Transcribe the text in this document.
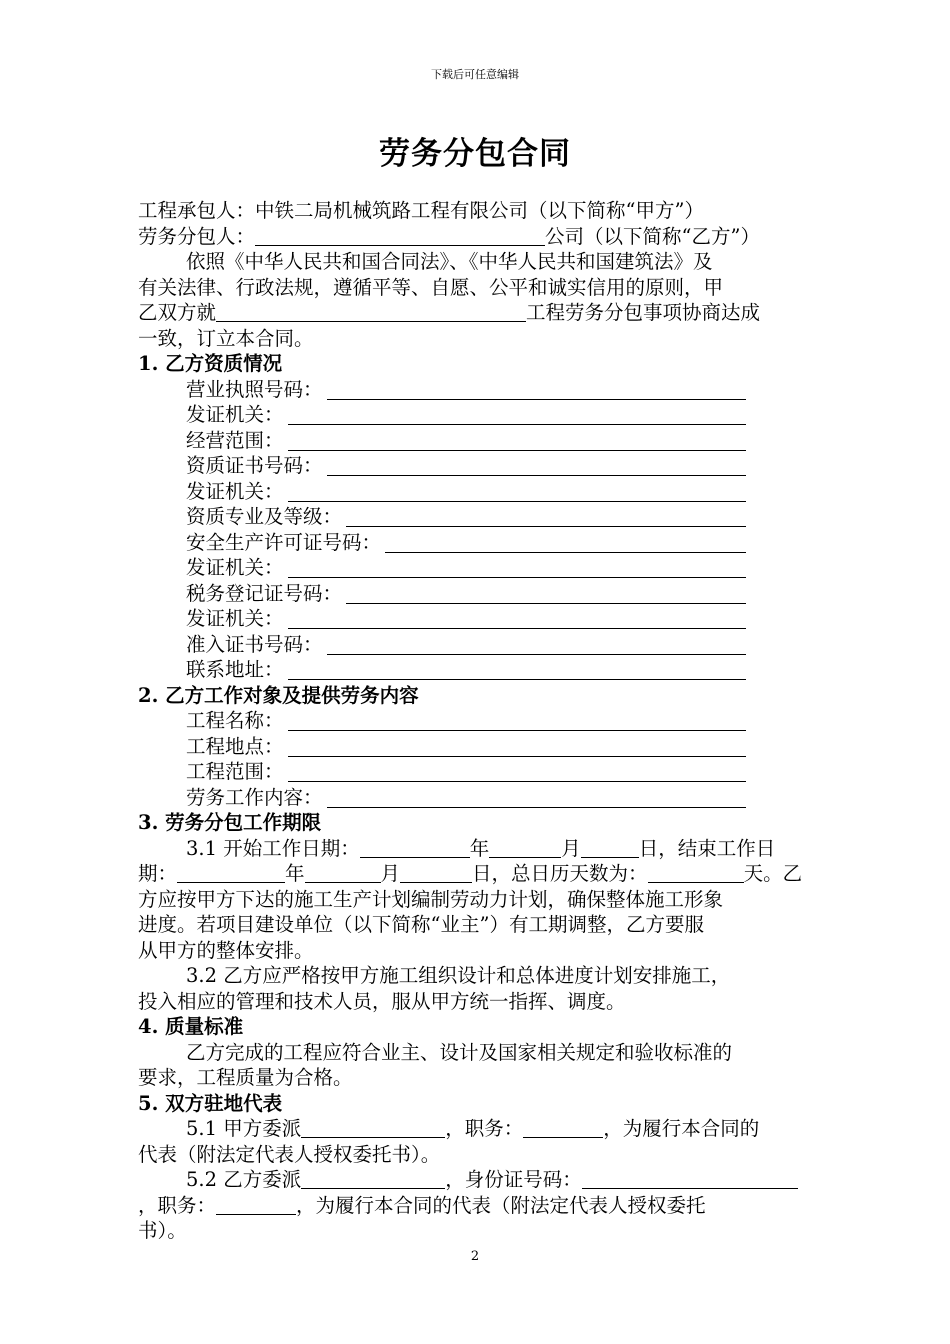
下载后可任意编辑
劳务分包合同

工程承包人：中铁二局机械筑路工程有限公司（以下简称“甲方”）

劳务分包人：	公司（以下简称“乙方”）

依照《中华人民共和国合同法》、《中华人民共和国建筑法》及

有关法律、行政法规，遵循平等、自愿、公平和诚实信用的原则，甲

乙双方就	工程劳务分包事项协商达成

一致，订立本合同。

1. 乙方资质情况

营业执照号码：
发证机关：
经营范围：
资质证书号码：
发证机关：
资质专业及等级：
安全生产许可证号码：
发证机关：
税务登记证号码：
发证机关：
准入证书号码：
联系地址：

2. 乙方工作对象及提供劳务内容

工程名称：
工程地点：
工程范围：
劳务工作内容：

3. 劳务分包工作期限

3.1 开始工作日期：	年	月	日，结束工作日

期：	年	月	日，总日历天数为：	天。乙

方应按甲方下达的施工生产计划编制劳动力计划，确保整体施工形象

进度。若项目建设单位（以下简称“业主”）有工期调整，乙方要服

从甲方的整体安排。

3.2 乙方应严格按甲方施工组织设计和总体进度计划安排施工，

投入相应的管理和技术人员，服从甲方统一指挥、调度。

4. 质量标准

乙方完成的工程应符合业主、设计及国家相关规定和验收标准的

要求，工程质量为合格。

5. 双方驻地代表

5.1 甲方委派	，职务：	，为履行本合同的

代表（附法定代表人授权委托书）。

5.2 乙方委派	，身份证号码：

，职务：	，为履行本合同的代表（附法定代表人授权委托

书）。

2
